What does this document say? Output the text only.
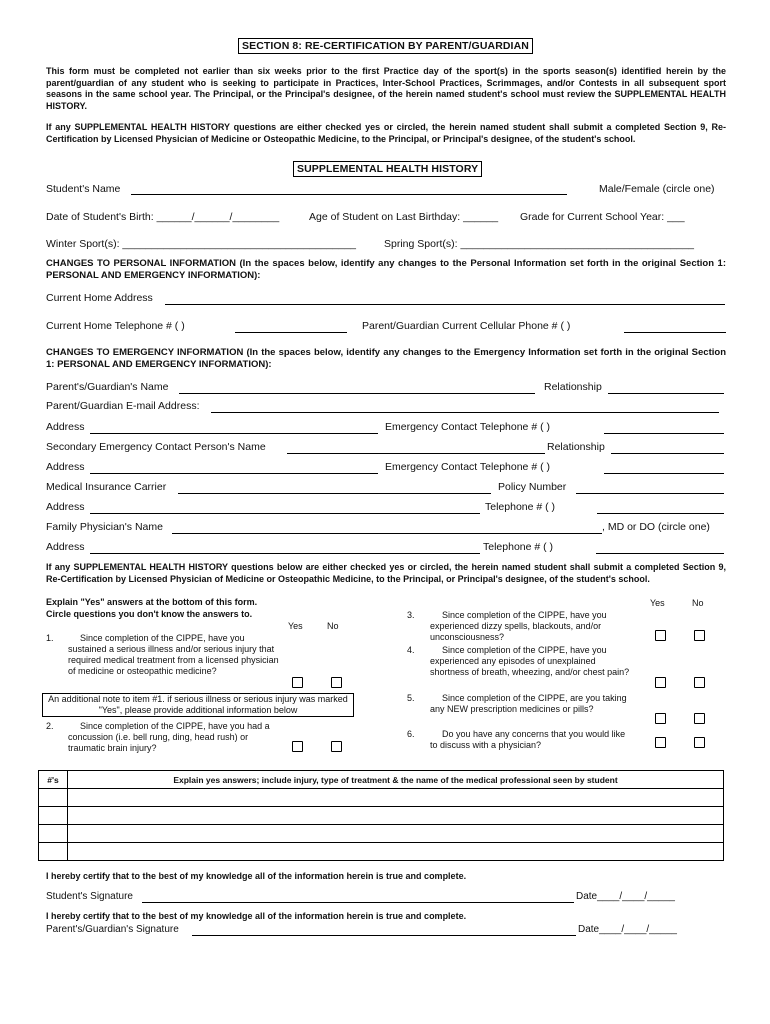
SECTION 8: RE-CERTIFICATION BY PARENT/GUARDIAN
This form must be completed not earlier than six weeks prior to the first Practice day of the sport(s) in the sports season(s) identified herein by the parent/guardian of any student who is seeking to participate in Practices, Inter-School Practices, Scrimmages, and/or Contests in all subsequent sport seasons in the same school year. The Principal, or the Principal's designee, of the herein named student's school must review the SUPPLEMENTAL HEALTH HISTORY.
If any SUPPLEMENTAL HEALTH HISTORY questions are either checked yes or circled, the herein named student shall submit a completed Section 9, Re-Certification by Licensed Physician of Medicine or Osteopathic Medicine, to the Principal, or Principal's designee, of the student's school.
SUPPLEMENTAL HEALTH HISTORY
Student's Name	Male/Female (circle one)
Date of Student's Birth: ______/______/________	Age of Student on Last Birthday: ______ Grade for Current School Year: ___
Winter Sport(s): ________________________________________	Spring Sport(s): ________________________________________
CHANGES TO PERSONAL INFORMATION (In the spaces below, identify any changes to the Personal Information set forth in the original Section 1: PERSONAL AND EMERGENCY INFORMATION):
Current Home Address
Current Home Telephone # ( )	Parent/Guardian Current Cellular Phone # ( )
CHANGES TO EMERGENCY INFORMATION (In the spaces below, identify any changes to the Emergency Information set forth in the original Section 1: PERSONAL AND EMERGENCY INFORMATION):
Parent's/Guardian's Name	Relationship
Parent/Guardian E-mail Address:
Address	Emergency Contact Telephone # ( )
Secondary Emergency Contact Person's Name	Relationship
Address	Emergency Contact Telephone # ( )
Medical Insurance Carrier	Policy Number
Address	Telephone # ( )
Family Physician's Name	, MD or DO (circle one)
Address	Telephone # ( )
If any SUPPLEMENTAL HEALTH HISTORY questions below are either checked yes or circled, the herein named student shall submit a completed Section 9, Re-Certification by Licensed Physician of Medicine or Osteopathic Medicine, to the Principal, or Principal's designee, of the student's school.
Explain "Yes" answers at the bottom of this form.
Circle questions you don't know the answers to.
Yes	No
Yes	No
1.	Since completion of the CIPPE, have you sustained a serious illness and/or serious injury that required medical treatment from a licensed physician of medicine or osteopathic medicine?
An additional note to item #1. if serious illness or serious injury was marked "Yes", please provide additional information below
2.	Since completion of the CIPPE, have you had a concussion (i.e. bell rung, ding, head rush) or traumatic brain injury?
3.	Since completion of the CIPPE, have you experienced dizzy spells, blackouts, and/or unconsciousness?
4.	Since completion of the CIPPE, have you experienced any episodes of unexplained shortness of breath, wheezing, and/or chest pain?
5.	Since completion of the CIPPE, are you taking any NEW prescription medicines or pills?
6.	Do you have any concerns that you would like to discuss with a physician?
#'s	Explain yes answers; include injury, type of treatment & the name of the medical professional seen by student

I hereby certify that to the best of my knowledge all of the information herein is true and complete.
Student's Signature	Date____/____/_____
I hereby certify that to the best of my knowledge all of the information herein is true and complete.
Parent's/Guardian's Signature	Date____/____/_____
